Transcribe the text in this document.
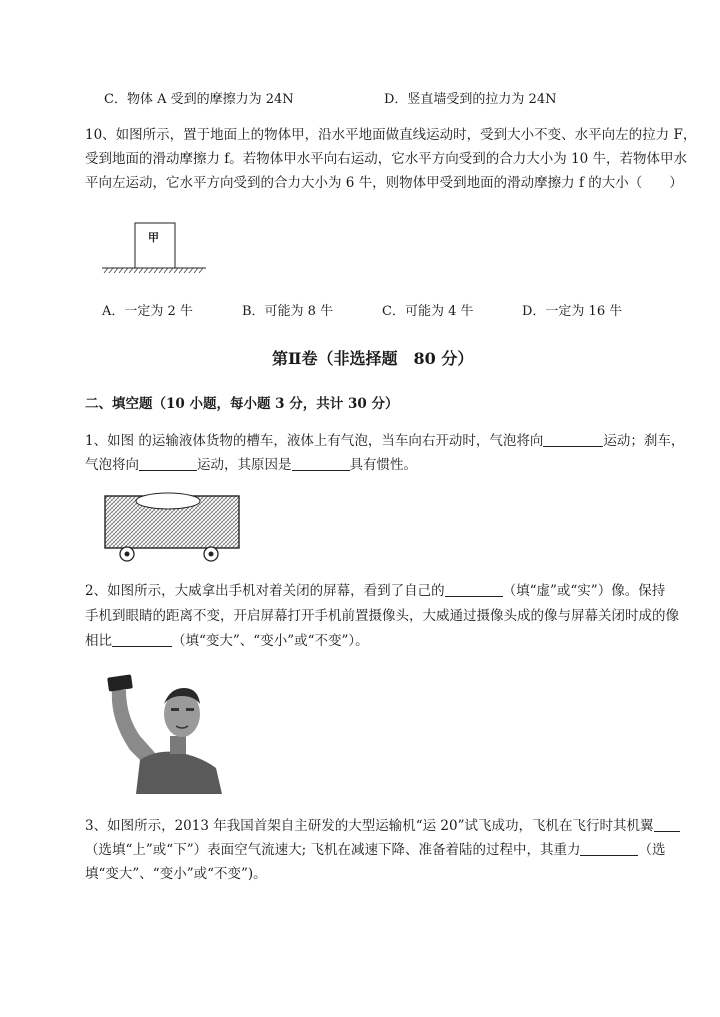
C．物体 A 受到的摩擦力为 24N	D．竖直墙受到的拉力为 24N
10、如图所示，置于地面上的物体甲，沿水平地面做直线运动时，受到大小不变、水平向左的拉力 F，
受到地面的滑动摩擦力 f。若物体甲水平向右运动，它水平方向受到的合力大小为 10 牛，若物体甲水
平向左运动，它水平方向受到的合力大小为 6 牛，则物体甲受到地面的滑动摩擦力 f 的大小（　　）
甲
A．一定为 2 牛	B．可能为 8 牛	C．可能为 4 牛	D．一定为 16 牛
第Ⅱ卷（非选择题　80 分）
二、填空题（10 小题，每小题 3 分，共计 30 分）
1、如图 的运输液体货物的槽车，液体上有气泡，当车向右开动时，气泡将向	运动；刹车，
气泡将向	运动，其原因是	具有惯性。
2、如图所示，大威拿出手机对着关闭的屏幕，看到了自己的	（填“虚”或“实”）像。保持
手机到眼睛的距离不变，开启屏幕打开手机前置摄像头，大威通过摄像头成的像与屏幕关闭时成的像
相比	（填“变大”、“变小”或“不变”）。
3、如图所示，2013 年我国首架自主研发的大型运输机“运 20”试飞成功，飞机在飞行时其机翼
（选填“上”或“下”）表面空气流速大; 飞机在减速下降、准备着陆的过程中，其重力	（选
填“变大”、“变小”或“不变”)。
